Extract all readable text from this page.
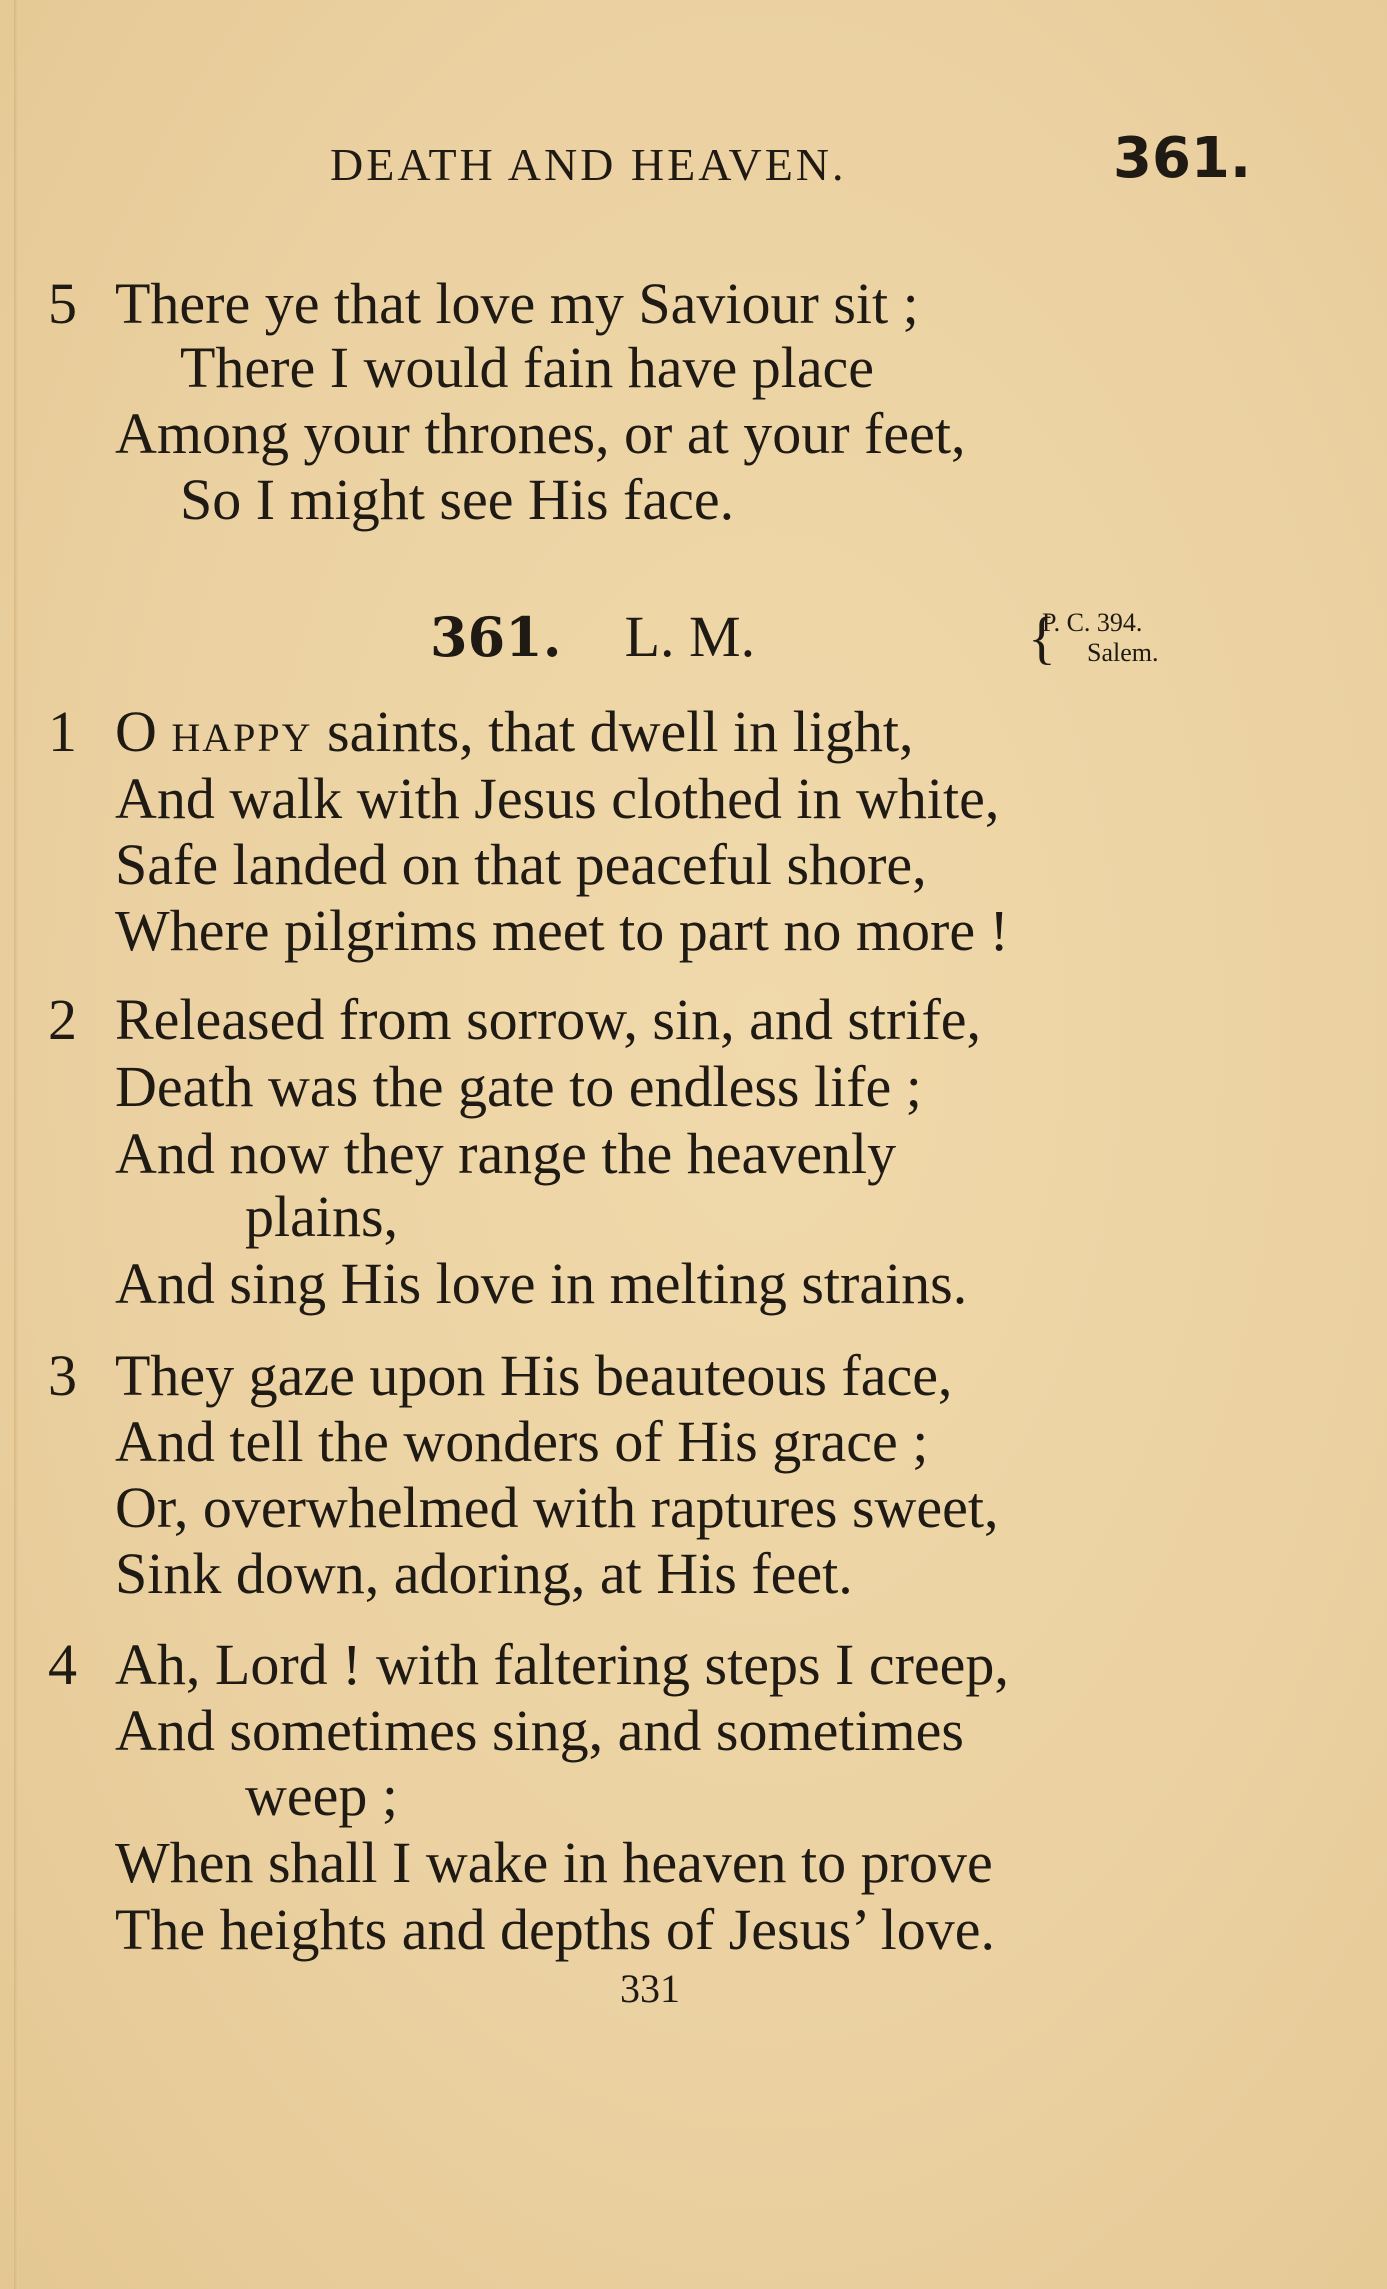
DEATH AND HEAVEN.	361.
5 There ye that love my Saviour sit ;
There I would fain have place
Among your thrones, or at your feet,
So I might see His face.
361. L. M.	{
P. C. 394.
Salem.
1 O HAPPY saints, that dwell in light,
And walk with Jesus clothed in white,
Safe landed on that peaceful shore,
Where pilgrims meet to part no more !
2 Released from sorrow, sin, and strife,
Death was the gate to endless life ;
And now they range the heavenly
plains,
And sing His love in melting strains.
3 They gaze upon His beauteous face,
And tell the wonders of His grace ;
Or, overwhelmed with raptures sweet,
Sink down, adoring, at His feet.
4 Ah, Lord ! with faltering steps I creep,
And sometimes sing, and sometimes
weep ;
When shall I wake in heaven to prove
The heights and depths of Jesus’ love.
331
